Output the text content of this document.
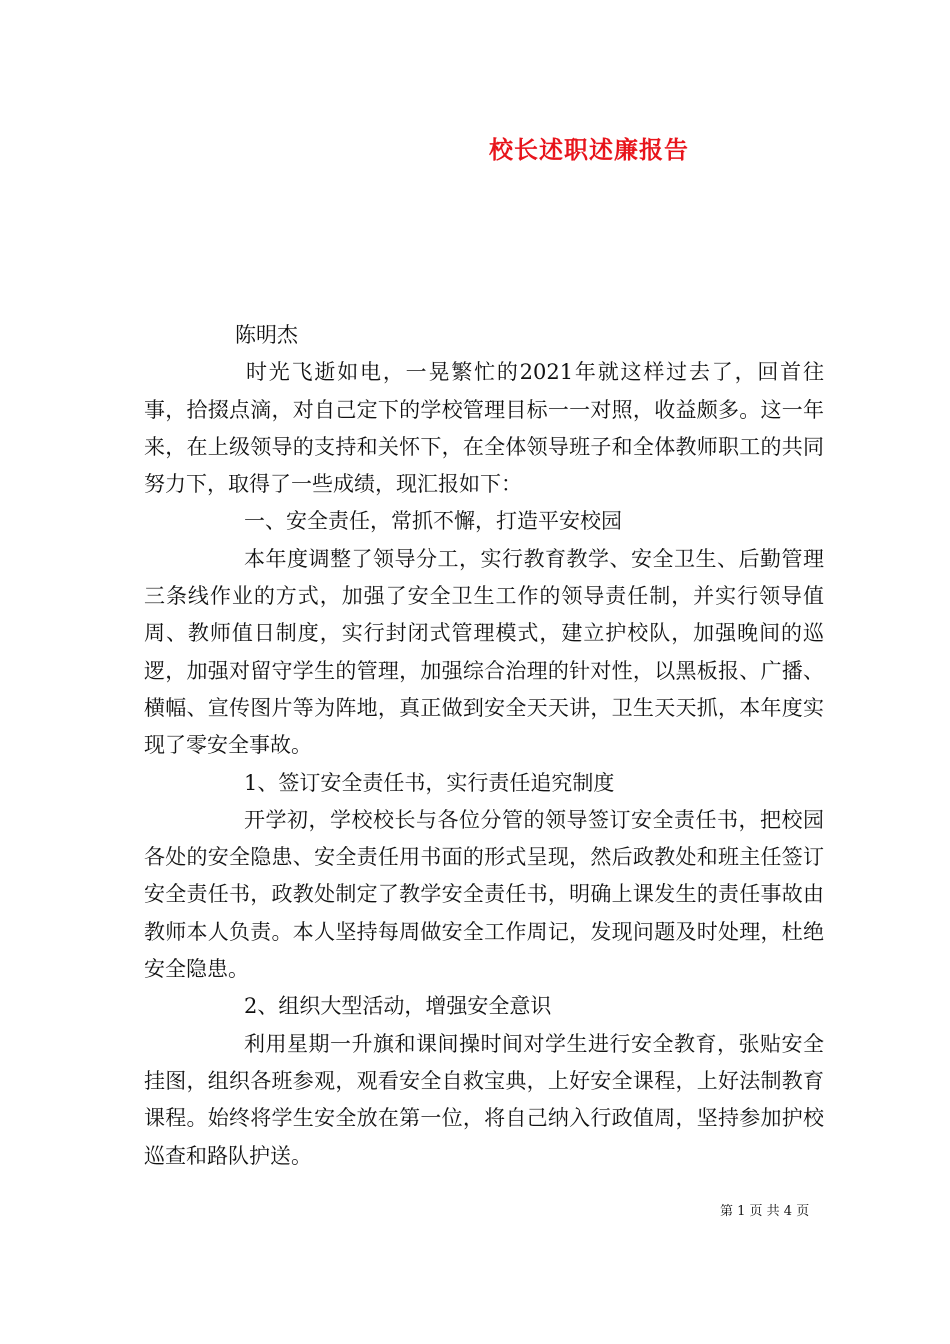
校长述职述廉报告

陈明杰

时光飞逝如电，一晃繁忙的2021年就这样过去了，回首往事，拾掇点滴，对自己定下的学校管理目标一一对照，收益颇多。这一年来，在上级领导的支持和关怀下，在全体领导班子和全体教师职工的共同努力下，取得了一些成绩，现汇报如下：

一、安全责任，常抓不懈，打造平安校园

本年度调整了领导分工，实行教育教学、安全卫生、后勤管理三条线作业的方式，加强了安全卫生工作的领导责任制，并实行领导值周、教师值日制度，实行封闭式管理模式，建立护校队，加强晚间的巡逻，加强对留守学生的管理，加强综合治理的针对性，以黑板报、广播、横幅、宣传图片等为阵地，真正做到安全天天讲，卫生天天抓，本年度实现了零安全事故。

1、签订安全责任书，实行责任追究制度

开学初，学校校长与各位分管的领导签订安全责任书，把校园各处的安全隐患、安全责任用书面的形式呈现，然后政教处和班主任签订安全责任书，政教处制定了教学安全责任书，明确上课发生的责任事故由教师本人负责。本人坚持每周做安全工作周记，发现问题及时处理，杜绝安全隐患。

2、组织大型活动，增强安全意识

利用星期一升旗和课间操时间对学生进行安全教育，张贴安全挂图，组织各班参观，观看安全自救宝典，上好安全课程，上好法制教育课程。始终将学生安全放在第一位，将自己纳入行政值周，坚持参加护校巡查和路队护送。

第 1 页 共 4 页
